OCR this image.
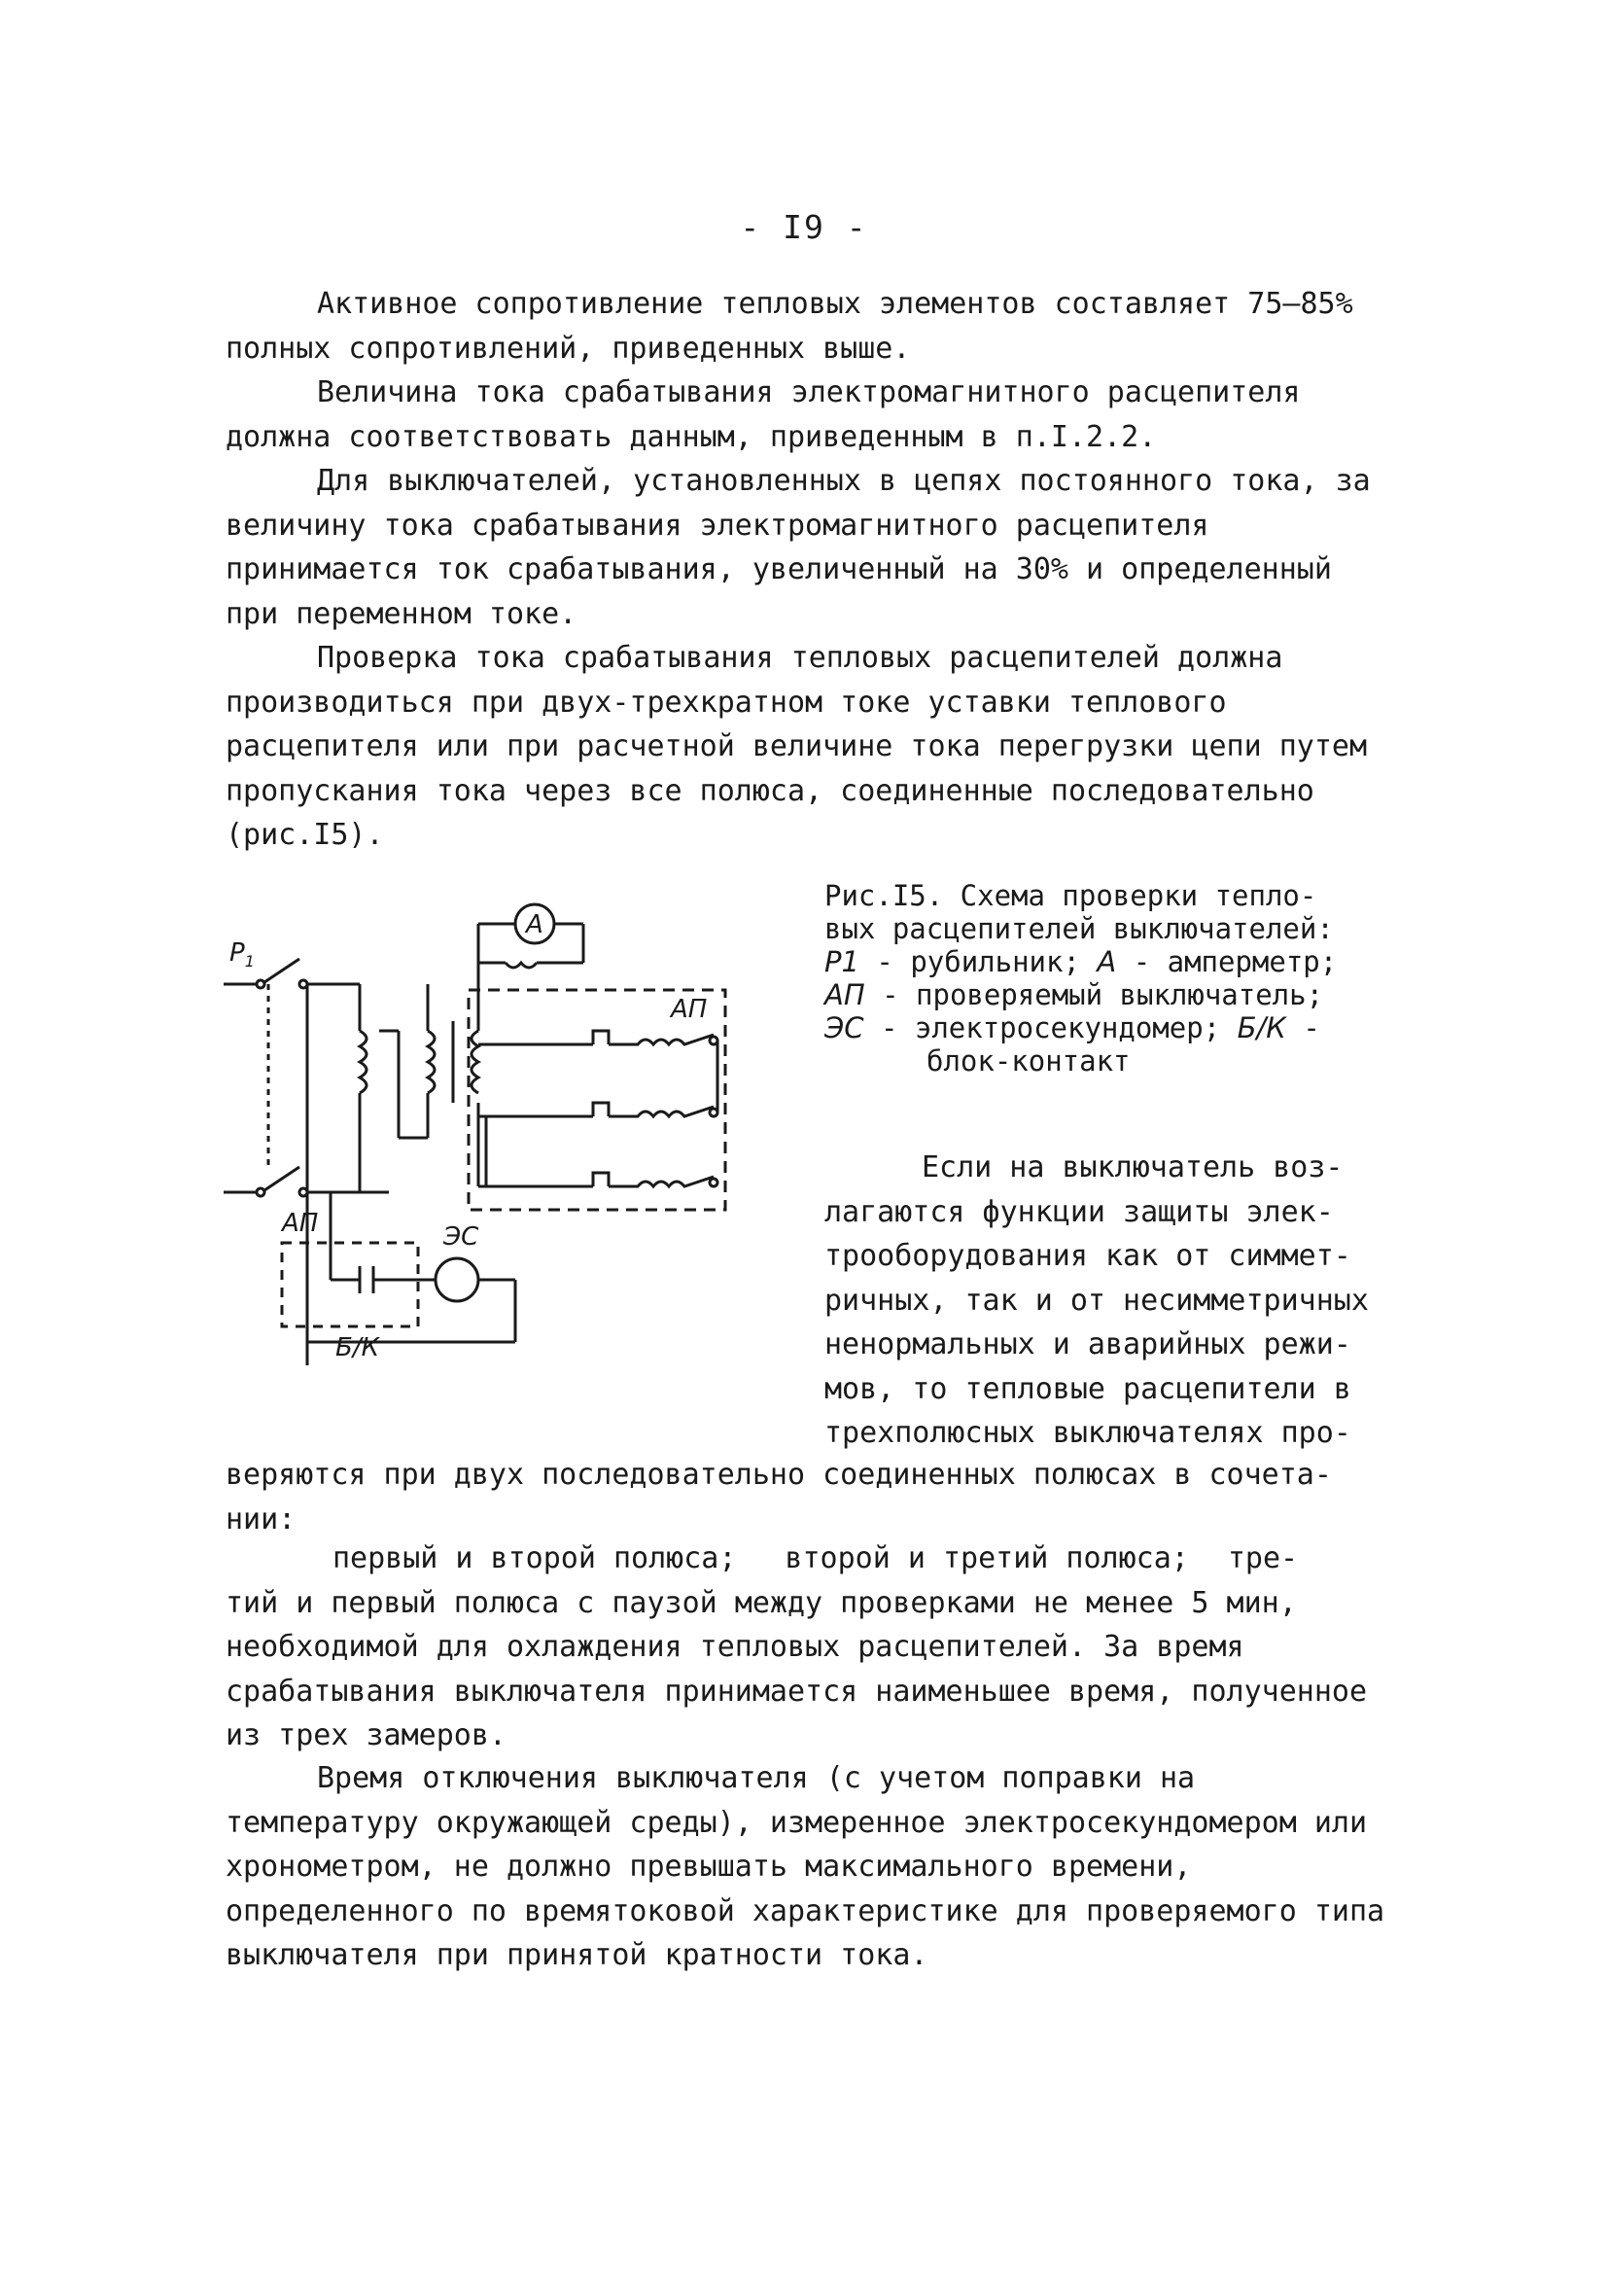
- I9 -

Активное сопротивление тепловых элементов составляет 75–85% полных сопротивлений, приведенных выше.

Величина тока срабатывания электромагнитного расцепителя должна соответствовать данным, приведенным в п.I.2.2.

Для выключателей, установленных в цепях постоянного тока, за величину тока срабатывания электромагнитного расцепителя принимается ток срабатывания, увеличенный на 30% и определенный при переменном токе.

Проверка тока срабатывания тепловых расцепителей должна производиться при двух-трехкратном токе уставки теплового расцепителя или при расчетной величине тока перегрузки цепи путем пропускания тока через все полюса, соединенные последовательно (рис.I5).

$P_1$
A
АП
АП	ЭС
Б/К
Рис.I5. Схема проверки тепло-
вых расцепителей выключателей:
P1 - рубильник; A - амперметр;
АП - проверяемый выключатель;
ЭС - электросекундомер; Б/К -
блок-контакт
Если на выключатель воз-
лагаются функции защиты элек-
трооборудования как от симмет-
ричных, так и от несимметричных
ненормальных и аварийных режи-
мов, то тепловые расцепители в
трехполюсных выключателях про-
веряются при двух последовательно соединенных полюсах в сочета-
нии:
первый и второй полюса; второй и третий полюса; тре-

тий и первый полюса с паузой между проверками не менее 5 мин, необходимой для охлаждения тепловых расцепителей. За время срабатывания выключателя принимается наименьшее время, полученное из трех замеров.

Время отключения выключателя (с учетом поправки на температуру окружающей среды), измеренное электросекундомером или хронометром, не должно превышать максимального времени, определенного по времятоковой характеристике для проверяемого типа выключателя при принятой кратности тока.
